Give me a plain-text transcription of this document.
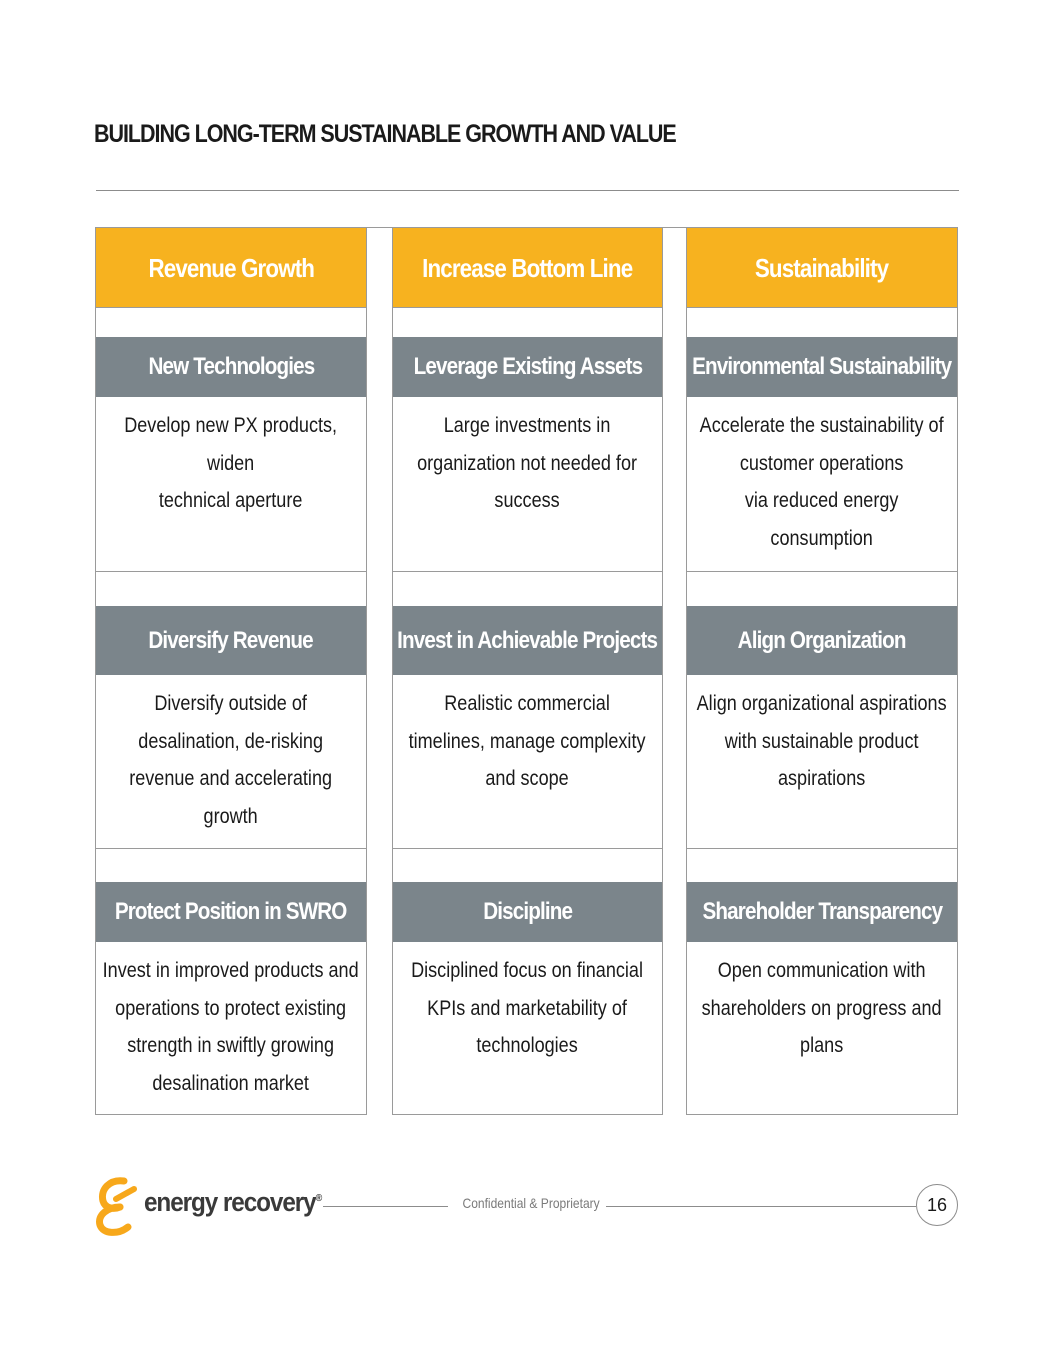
BUILDING LONG-TERM SUSTAINABLE GROWTH AND VALUE
Revenue Growth
New Technologies
Develop new PX products, widen
technical aperture
Diversify Revenue
Diversify outside of
desalination, de-risking
revenue and accelerating
growth
Protect Position in SWRO
Invest in improved products and
operations to protect existing
strength in swiftly growing
desalination market
Increase Bottom Line
Leverage Existing Assets
Large investments in
organization not needed for
success
Invest in Achievable Projects
Realistic commercial
timelines, manage complexity
and scope
Discipline
Disciplined focus on financial
KPIs and marketability of
technologies
Sustainability
Environmental Sustainability
Accelerate the sustainability of
customer operations
via reduced energy consumption
Align Organization
Align organizational aspirations
with sustainable product
aspirations
Shareholder Transparency
Open communication with
shareholders on progress and
plans
energy recovery®	Confidential & Proprietary	16
